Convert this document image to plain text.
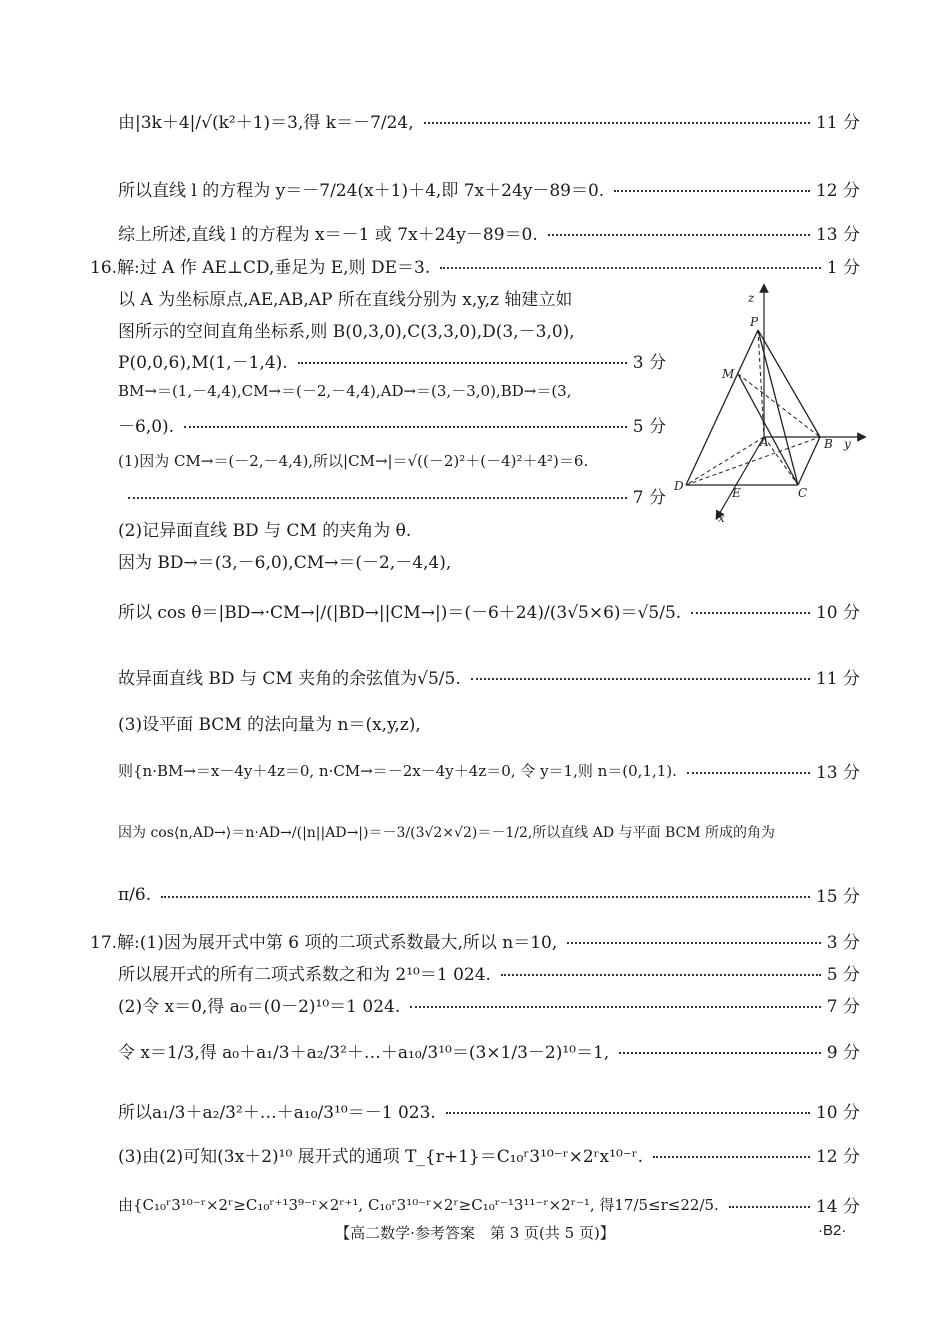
由|3k＋4|/√(k²＋1)＝3,得 k＝－7/24,	11 分
所以直线 l 的方程为 y＝－7/24(x＋1)＋4,即 7x＋24y－89＝0.	12 分
综上所述,直线 l 的方程为 x＝－1 或 7x＋24y－89＝0.	13 分
16.解:过 A 作 AE⊥CD,垂足为 E,则 DE＝3.	1 分
以 A 为坐标原点,AE,AB,AP 所在直线分别为 x,y,z 轴建立如
图所示的空间直角坐标系,则 B(0,3,0),C(3,3,0),D(3,－3,0),
P(0,0,6),M(1,－1,4).	3 分
BM→＝(1,－4,4),CM→＝(－2,－4,4),AD→＝(3,－3,0),BD→＝(3,
－6,0).	5 分
(1)因为 CM→＝(－2,－4,4),所以|CM→|＝√((－2)²＋(－4)²＋4²)＝6.
7 分
z
P
M
A	B y
D	E	C
x
(2)记异面直线 BD 与 CM 的夹角为 θ.
因为 BD→＝(3,－6,0),CM→＝(－2,－4,4),
所以 cos θ＝|BD→·CM→|/(|BD→||CM→|)＝(－6＋24)/(3√5×6)＝√5/5.	10 分
故异面直线 BD 与 CM 夹角的余弦值为√5/5.	11 分
(3)设平面 BCM 的法向量为 n＝(x,y,z),
则{n·BM→＝x－4y＋4z＝0, n·CM→＝－2x－4y＋4z＝0, 令 y＝1,则 n＝(0,1,1).	13 分
因为 cos⟨n,AD→⟩＝n·AD→/(|n||AD→|)＝－3/(3√2×√2)＝－1/2,所以直线 AD 与平面 BCM 所成的角为
π/6.	15 分
17.解:(1)因为展开式中第 6 项的二项式系数最大,所以 n＝10,	3 分
所以展开式的所有二项式系数之和为 2¹⁰＝1 024.	5 分
(2)令 x＝0,得 a₀＝(0－2)¹⁰＝1 024.	7 分
令 x＝1/3,得 a₀＋a₁/3＋a₂/3²＋…＋a₁₀/3¹⁰＝(3×1/3－2)¹⁰＝1,	9 分
所以a₁/3＋a₂/3²＋…＋a₁₀/3¹⁰＝－1 023.	10 分
(3)由(2)可知(3x＋2)¹⁰ 展开式的通项 T_{r+1}＝C₁₀ʳ3¹⁰⁻ʳ×2ʳx¹⁰⁻ʳ.	12 分
由{C₁₀ʳ3¹⁰⁻ʳ×2ʳ≥C₁₀ʳ⁺¹3⁹⁻ʳ×2ʳ⁺¹, C₁₀ʳ3¹⁰⁻ʳ×2ʳ≥C₁₀ʳ⁻¹3¹¹⁻ʳ×2ʳ⁻¹, 得17/5≤r≤22/5.	14 分
【高二数学·参考答案　第 3 页(共 5 页)】	·B2·
